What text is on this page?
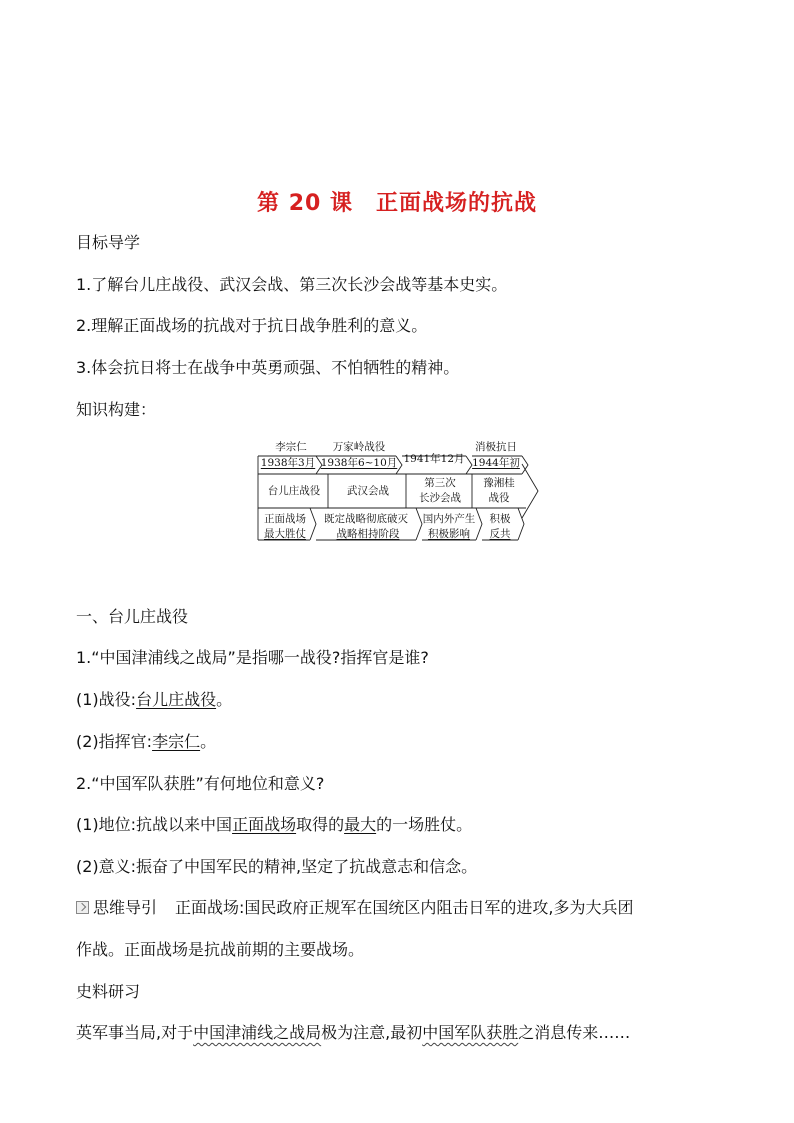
第 20 课　正面战场的抗战
目标导学
1.了解台儿庄战役、武汉会战、第三次长沙会战等基本史实。
2.理解正面战场的抗战对于抗日战争胜利的意义。
3.体会抗日将士在战争中英勇顽强、不怕牺牲的精神。
知识构建：
李宗仁
1938年3月
万家岭战役
1938年6~10月 1941年12月
消极抗日
1944年初
台儿庄战役	武汉会战
第三次
长沙会战
豫湘桂
战役
正面战场
最大胜仗
既定战略彻底破灭
战略相持阶段
国内外产生
积极影响
积极
反共
一、台儿庄战役
1.“中国津浦线之战局”是指哪一战役?指挥官是谁?
(1)战役:台儿庄战役。
(2)指挥官:李宗仁。
2.“中国军队获胜”有何地位和意义?
(1)地位:抗战以来中国正面战场取得的最大的一场胜仗。
(2)意义:振奋了中国军民的精神,坚定了抗战意志和信念。
思维导引 正面战场:国民政府正规军在国统区内阻击日军的进攻,多为大兵团
作战。正面战场是抗战前期的主要战场。
史料研习
英军事当局,对于中国津浦线之战局极为注意,最初中国军队获胜之消息传来……
